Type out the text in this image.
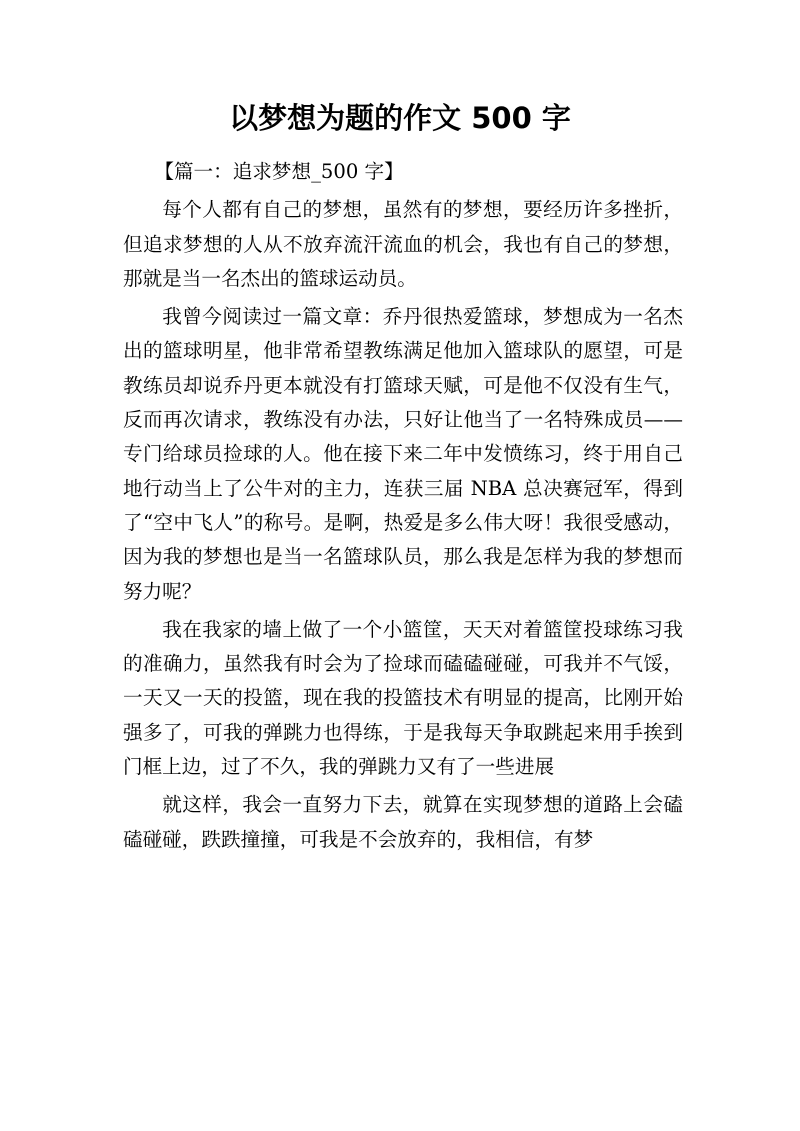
以梦想为题的作文 500 字

【篇一：追求梦想_500 字】

每个人都有自己的梦想，虽然有的梦想，要经历许多挫折，但追求梦想的人从不放弃流汗流血的机会，我也有自己的梦想，那就是当一名杰出的篮球运动员。

我曾今阅读过一篇文章：乔丹很热爱篮球，梦想成为一名杰出的篮球明星，他非常希望教练满足他加入篮球队的愿望，可是教练员却说乔丹更本就没有打篮球天赋，可是他不仅没有生气，反而再次请求，教练没有办法，只好让他当了一名特殊成员——专门给球员捡球的人。他在接下来二年中发愤练习，终于用自己地行动当上了公牛对的主力，连获三届 NBA 总决赛冠军，得到了“空中飞人”的称号。是啊，热爱是多么伟大呀！我很受感动，因为我的梦想也是当一名篮球队员，那么我是怎样为我的梦想而努力呢？

我在我家的墙上做了一个小篮筐，天天对着篮筐投球练习我的准确力，虽然我有时会为了捡球而磕磕碰碰，可我并不气馁，一天又一天的投篮，现在我的投篮技术有明显的提高，比刚开始强多了，可我的弹跳力也得练，于是我每天争取跳起来用手挨到门框上边，过了不久，我的弹跳力又有了一些进展

就这样，我会一直努力下去，就算在实现梦想的道路上会磕磕碰碰，跌跌撞撞，可我是不会放弃的，我相信，有梦
